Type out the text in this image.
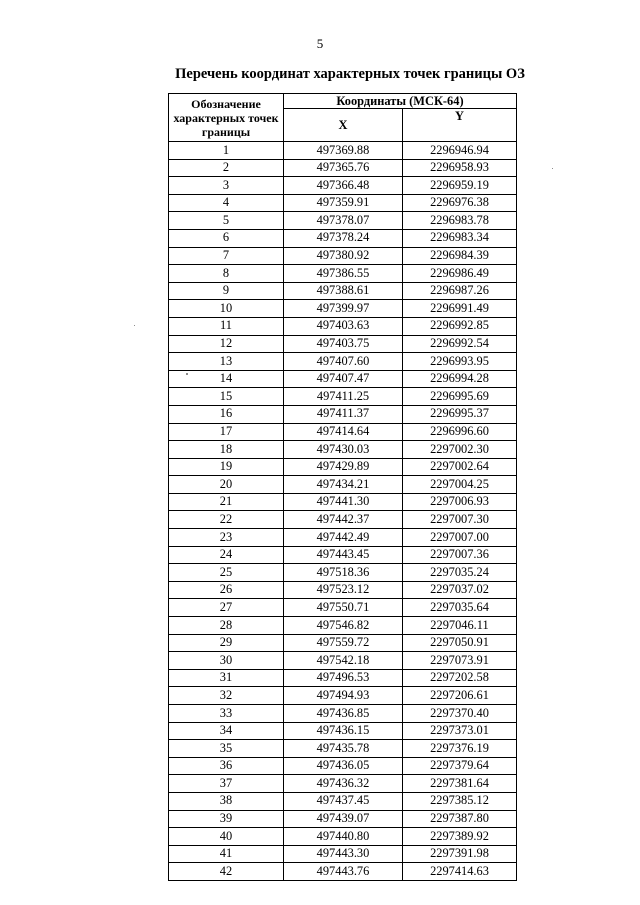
5
Перечень координат характерных точек границы ОЗ
Обозначение характерных точек границы	Координаты (МСК-64)	
	X	Y
1	497369.88	2296946.94
2	497365.76	2296958.93
3	497366.48	2296959.19
4	497359.91	2296976.38
5	497378.07	2296983.78
6	497378.24	2296983.34
7	497380.92	2296984.39
8	497386.55	2296986.49
9	497388.61	2296987.26
10	497399.97	2296991.49
11	497403.63	2296992.85
12	497403.75	2296992.54
13	497407.60	2296993.95
14	497407.47	2296994.28
15	497411.25	2296995.69
16	497411.37	2296995.37
17	497414.64	2296996.60
18	497430.03	2297002.30
19	497429.89	2297002.64
20	497434.21	2297004.25
21	497441.30	2297006.93
22	497442.37	2297007.30
23	497442.49	2297007.00
24	497443.45	2297007.36
25	497518.36	2297035.24
26	497523.12	2297037.02
27	497550.71	2297035.64
28	497546.82	2297046.11
29	497559.72	2297050.91
30	497542.18	2297073.91
31	497496.53	2297202.58
32	497494.93	2297206.61
33	497436.85	2297370.40
34	497436.15	2297373.01
35	497435.78	2297376.19
36	497436.05	2297379.64
37	497436.32	2297381.64
38	497437.45	2297385.12
39	497439.07	2297387.80
40	497440.80	2297389.92
41	497443.30	2297391.98
42	497443.76	2297414.63
